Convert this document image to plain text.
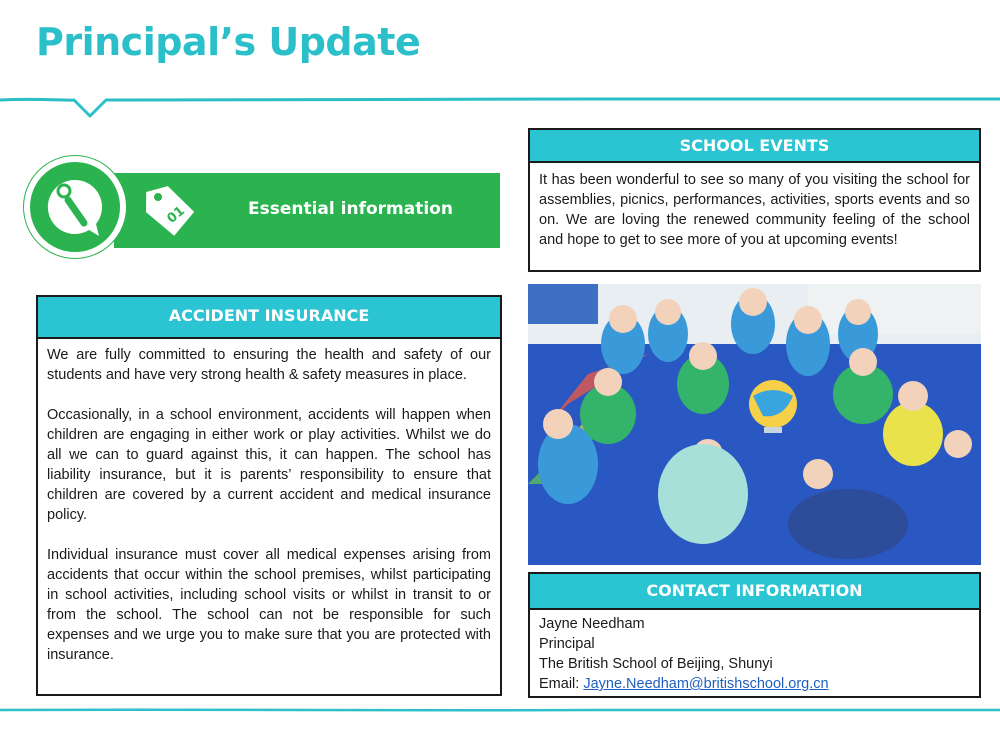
Principal’s Update
01	Essential information
ACCIDENT INSURANCE

We are fully committed to ensuring the health and safety of our students and have very strong health & safety measures in place.

Occasionally, in a school environment, accidents will happen when children are engaging in either work or play activities. Whilst we do all we can to guard against this, it can happen. The school has liability insurance, but it is parents’ responsibility to ensure that children are covered by a current accident and medical insurance policy.

Individual insurance must cover all medical expenses arising from accidents that occur within the school premises, whilst participating in school activities, including school visits or whilst in transit to or from the school. The school can not be responsible for such expenses and we urge you to make sure that you are protected with insurance.

SCHOOL EVENTS
It has been wonderful to see so many of you visiting the school for assemblies, picnics, performances, activities, sports events and so on. We are loving the renewed community feeling of the school and hope to get to see more of you at upcoming events!
CONTACT INFORMATION
Jayne Needham
Principal
The British School of Beijing, Shunyi
Email: Jayne.Needham@britishschool.org.cn
